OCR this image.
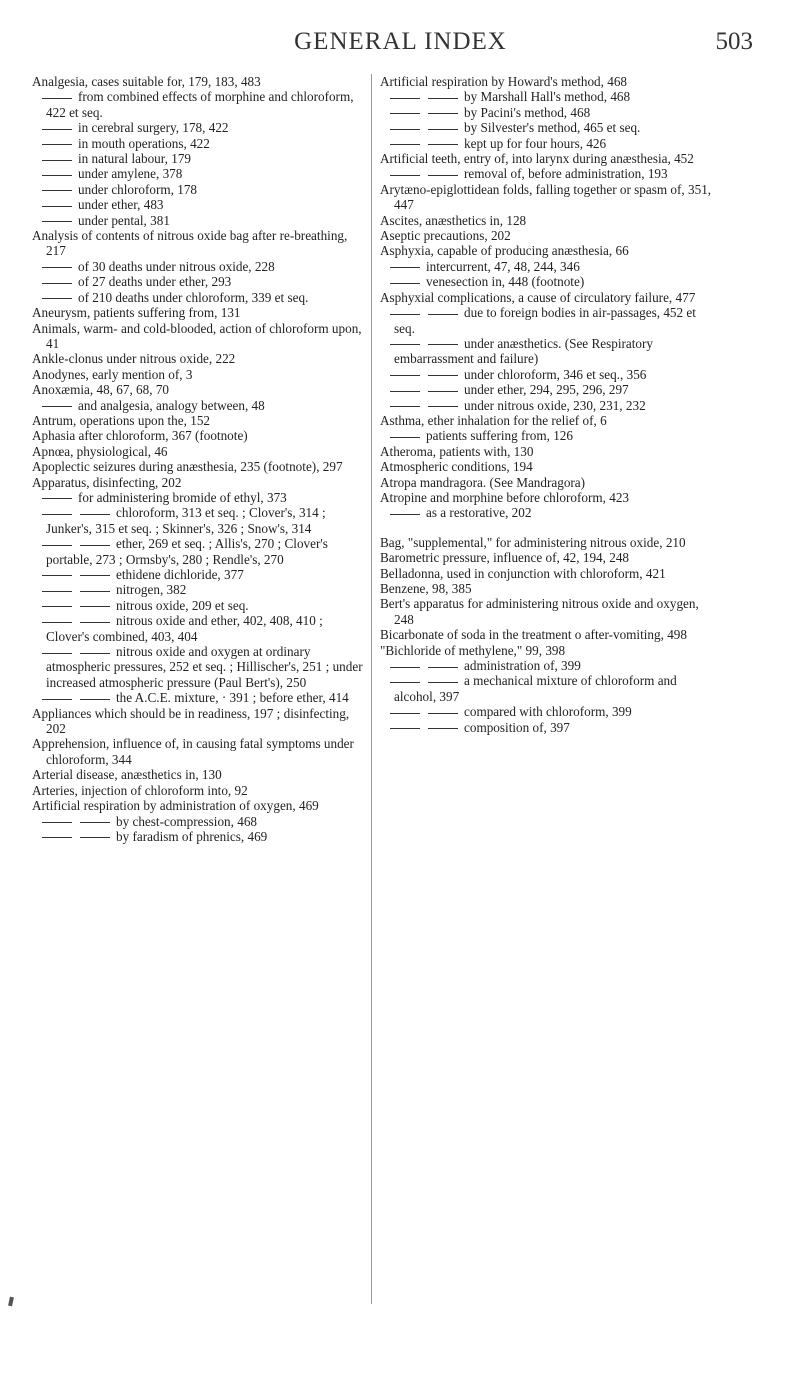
GENERAL INDEX	503

Analgesia, cases suitable for, 179, 183, 483

from combined effects of morphine and chloroform, 422 et seq.

in cerebral surgery, 178, 422

in mouth operations, 422

in natural labour, 179

under amylene, 378

under chloroform, 178

under ether, 483

under pental, 381

Analysis of contents of nitrous oxide bag after re-breathing, 217

of 30 deaths under nitrous oxide, 228

of 27 deaths under ether, 293

of 210 deaths under chloroform, 339 et seq.

Aneurysm, patients suffering from, 131

Animals, warm- and cold-blooded, action of chloroform upon, 41

Ankle-clonus under nitrous oxide, 222

Anodynes, early mention of, 3

Anoxæmia, 48, 67, 68, 70

and analgesia, analogy between, 48

Antrum, operations upon the, 152

Aphasia after chloroform, 367 (footnote)

Apnœa, physiological, 46

Apoplectic seizures during anæsthesia, 235 (footnote), 297

Apparatus, disinfecting, 202

for administering bromide of ethyl, 373

chloroform, 313 et seq. ; Clover's, 314 ; Junker's, 315 et seq. ; Skinner's, 326 ; Snow's, 314

ether, 269 et seq. ; Allis's, 270 ; Clover's portable, 273 ; Ormsby's, 280 ; Rendle's, 270

ethidene dichloride, 377

nitrogen, 382

nitrous oxide, 209 et seq.

nitrous oxide and ether, 402, 408, 410 ; Clover's combined, 403, 404

nitrous oxide and oxygen at ordinary atmospheric pressures, 252 et seq. ; Hillischer's, 251 ; under increased atmospheric pressure (Paul Bert's), 250

the A.C.E. mixture, · 391 ; before ether, 414

Appliances which should be in readiness, 197 ; disinfecting, 202

Apprehension, influence of, in causing fatal symptoms under chloroform, 344

Arterial disease, anæsthetics in, 130

Arteries, injection of chloroform into, 92

Artificial respiration by administration of oxygen, 469

by chest-compression, 468

by faradism of phrenics, 469

Artificial respiration by Howard's method, 468

by Marshall Hall's method, 468

by Pacini's method, 468

by Silvester's method, 465 et seq.

kept up for four hours, 426

Artificial teeth, entry of, into larynx during anæsthesia, 452

removal of, before administration, 193

Arytæno-epiglottidean folds, falling together or spasm of, 351, 447

Ascites, anæsthetics in, 128

Aseptic precautions, 202

Asphyxia, capable of producing anæsthesia, 66

intercurrent, 47, 48, 244, 346

venesection in, 448 (footnote)

Asphyxial complications, a cause of circulatory failure, 477

due to foreign bodies in air-passages, 452 et seq.

under anæsthetics. (See Respiratory embarrassment and failure)

under chloroform, 346 et seq., 356

under ether, 294, 295, 296, 297

under nitrous oxide, 230, 231, 232

Asthma, ether inhalation for the relief of, 6

patients suffering from, 126

Atheroma, patients with, 130

Atmospheric conditions, 194

Atropa mandragora. (See Mandragora)

Atropine and morphine before chloroform, 423

as a restorative, 202

Bag, "supplemental," for administering nitrous oxide, 210

Barometric pressure, influence of, 42, 194, 248

Belladonna, used in conjunction with chloroform, 421

Benzene, 98, 385

Bert's apparatus for administering nitrous oxide and oxygen, 248

Bicarbonate of soda in the treatment o after-vomiting, 498

"Bichloride of methylene," 99, 398

administration of, 399

a mechanical mixture of chloroform and alcohol, 397

compared with chloroform, 399

composition of, 397
